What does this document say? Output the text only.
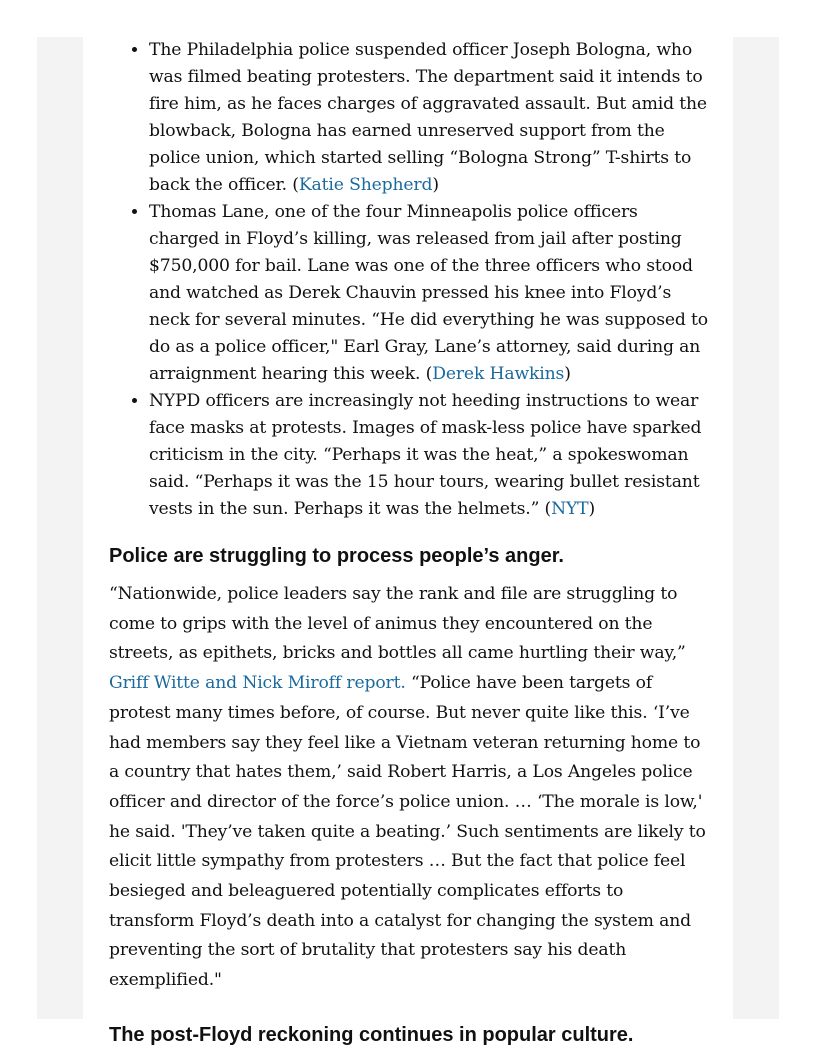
• The Philadelphia police suspended officer Joseph Bologna, who was filmed beating protesters. The department said it intends to fire him, as he faces charges of aggravated assault. But amid the blowback, Bologna has earned unreserved support from the police union, which started selling “Bologna Strong” T-shirts to back the officer. (Katie Shepherd)
• Thomas Lane, one of the four Minneapolis police officers charged in Floyd’s killing, was released from jail after posting $750,000 for bail. Lane was one of the three officers who stood and watched as Derek Chauvin pressed his knee into Floyd’s neck for several minutes. “He did everything he was supposed to do as a police officer," Earl Gray, Lane’s attorney, said during an arraignment hearing this week. (Derek Hawkins)
• NYPD officers are increasingly not heeding instructions to wear face masks at protests. Images of mask-less police have sparked criticism in the city. “Perhaps it was the heat,” a spokeswoman said. “Perhaps it was the 15 hour tours, wearing bullet resistant vests in the sun. Perhaps it was the helmets.” (NYT)
Police are struggling to process people’s anger.

“Nationwide, police leaders say the rank and file are struggling to come to grips with the level of animus they encountered on the streets, as epithets, bricks and bottles all came hurtling their way,” Griff Witte and Nick Miroff report. “Police have been targets of protest many times before, of course. But never quite like this. ‘I’ve had members say they feel like a Vietnam veteran returning home to a country that hates them,’ said Robert Harris, a Los Angeles police officer and director of the force’s police union. … ‘The morale is low,' he said. 'They’ve taken quite a beating.’ Such sentiments are likely to elicit little sympathy from protesters … But the fact that police feel besieged and beleaguered potentially complicates efforts to transform Floyd’s death into a catalyst for changing the system and preventing the sort of brutality that protesters say his death exemplified."

The post-Floyd reckoning continues in popular culture.
